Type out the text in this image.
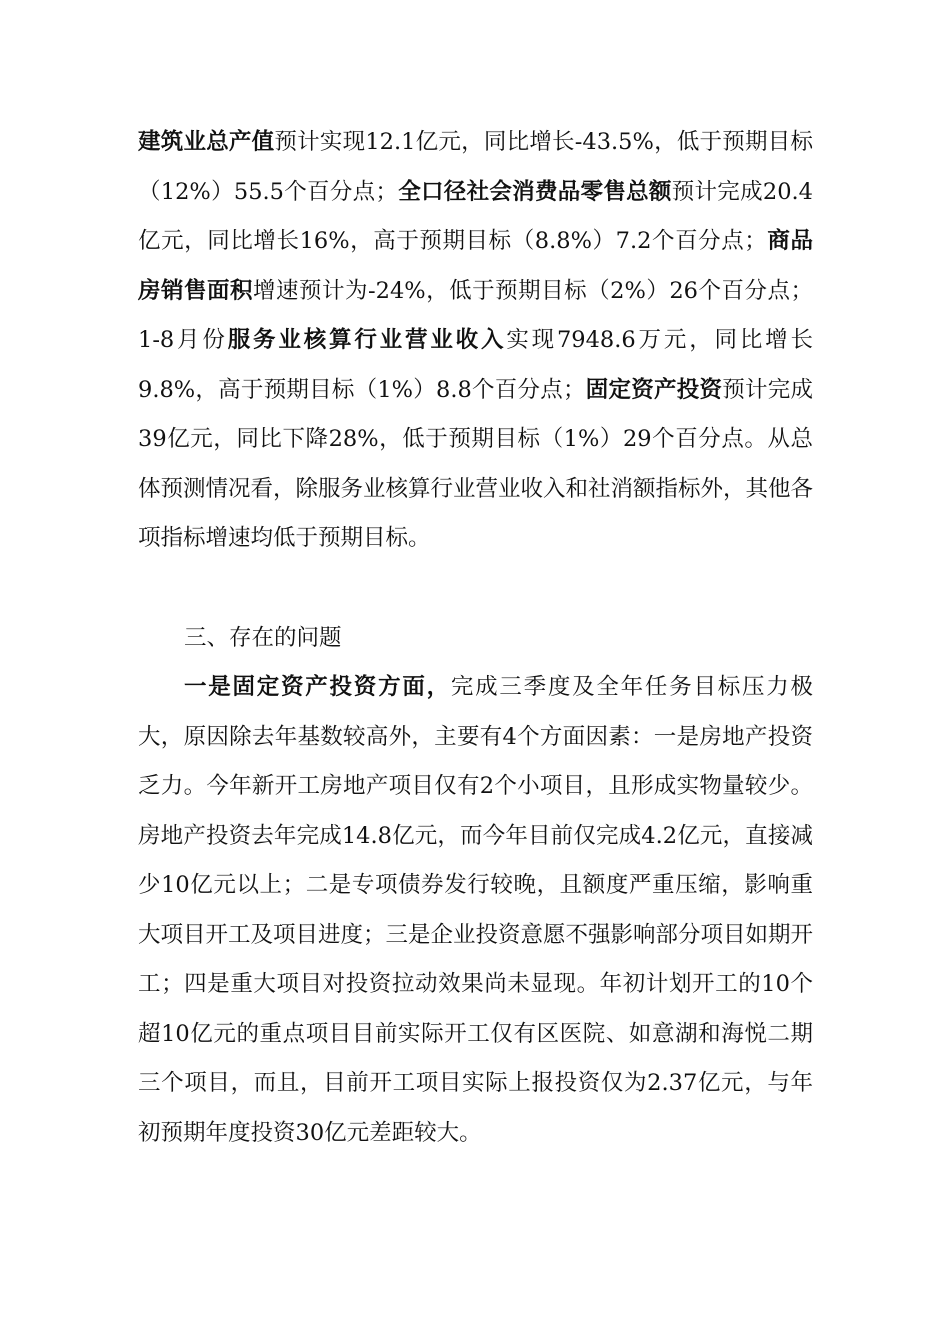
建筑业总产值预计实现12.1亿元，同比增长-43.5%，低于预期目标（12%）55.5个百分点；全口径社会消费品零售总额预计完成20.4亿元，同比增长16%，高于预期目标（8.8%）7.2个百分点；商品房销售面积增速预计为-24%，低于预期目标（2%）26个百分点；1-8月份服务业核算行业营业收入实现7948.6万元，同比增长9.8%，高于预期目标（1%）8.8个百分点；固定资产投资预计完成39亿元，同比下降28%，低于预期目标（1%）29个百分点。从总体预测情况看，除服务业核算行业营业收入和社消额指标外，其他各项指标增速均低于预期目标。
三、存在的问题
一是固定资产投资方面，完成三季度及全年任务目标压力极大，原因除去年基数较高外，主要有4个方面因素：一是房地产投资乏力。今年新开工房地产项目仅有2个小项目，且形成实物量较少。房地产投资去年完成14.8亿元，而今年目前仅完成4.2亿元，直接减少10亿元以上；二是专项债券发行较晚，且额度严重压缩，影响重大项目开工及项目进度；三是企业投资意愿不强影响部分项目如期开工；四是重大项目对投资拉动效果尚未显现。年初计划开工的10个超10亿元的重点项目目前实际开工仅有区医院、如意湖和海悦二期三个项目，而且，目前开工项目实际上报投资仅为2.37亿元，与年初预期年度投资30亿元差距较大。
